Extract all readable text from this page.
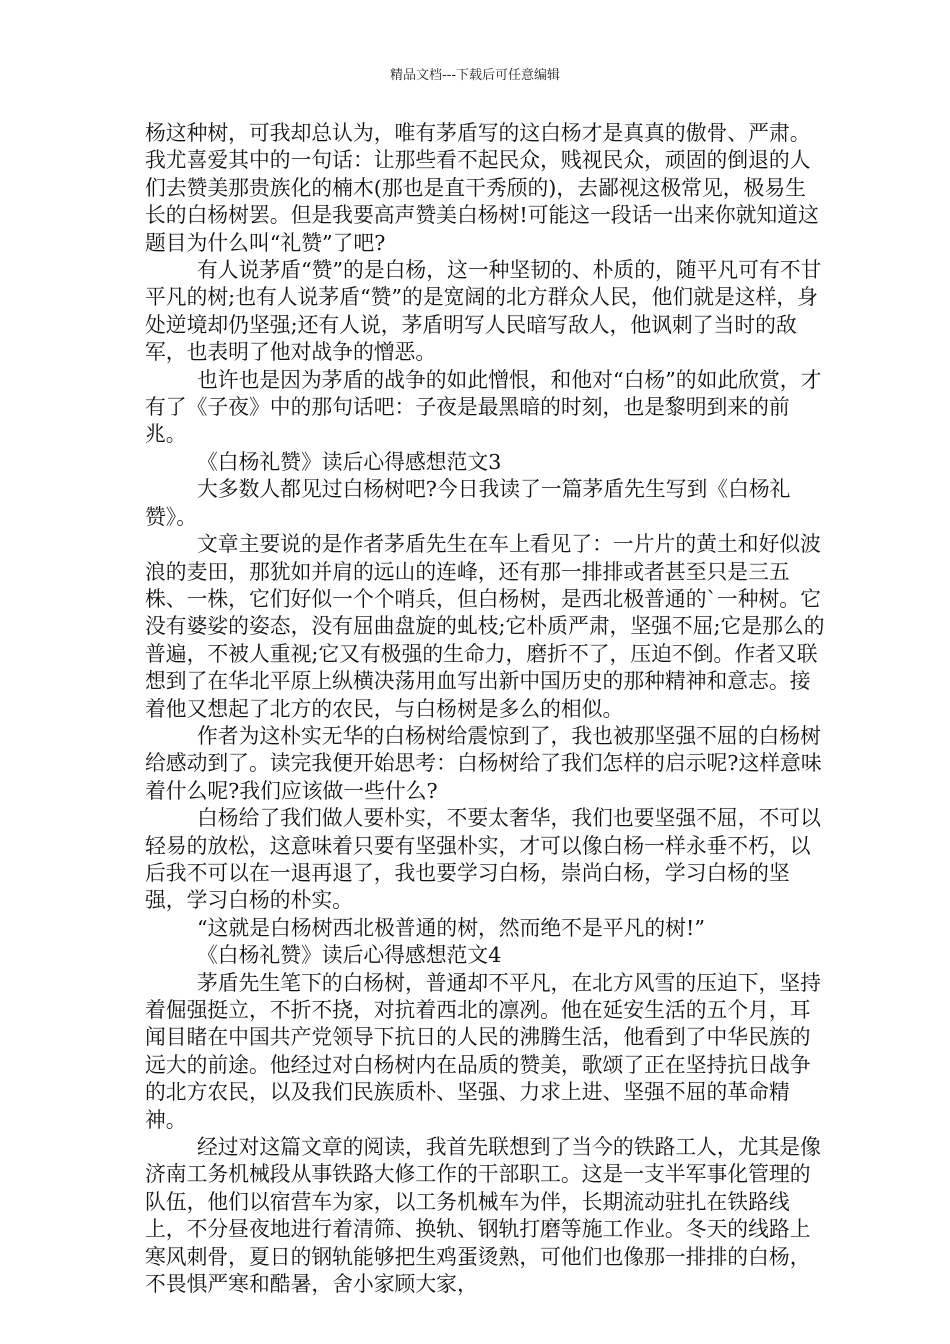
精品文档---下载后可任意编辑

杨这种树，可我却总认为，唯有茅盾写的这白杨才是真真的傲骨、严肃。我尤喜爱其中的一句话：让那些看不起民众，贱视民众，顽固的倒退的人们去赞美那贵族化的楠木(那也是直干秀颀的)，去鄙视这极常见，极易生长的白杨树罢。但是我要高声赞美白杨树!可能这一段话一出来你就知道这题目为什么叫“礼赞”了吧?

有人说茅盾“赞”的是白杨，这一种坚韧的、朴质的，随平凡可有不甘平凡的树;也有人说茅盾“赞”的是宽阔的北方群众人民，他们就是这样，身处逆境却仍坚强;还有人说，茅盾明写人民暗写敌人，他讽刺了当时的敌军，也表明了他对战争的憎恶。

也许也是因为茅盾的战争的如此憎恨，和他对“白杨”的如此欣赏，才有了《子夜》中的那句话吧：子夜是最黑暗的时刻，也是黎明到来的前兆。

《白杨礼赞》读后心得感想范文3

大多数人都见过白杨树吧?今日我读了一篇茅盾先生写到《白杨礼赞》。

文章主要说的是作者茅盾先生在车上看见了：一片片的黄土和好似波浪的麦田，那犹如并肩的远山的连峰，还有那一排排或者甚至只是三五株、一株，它们好似一个个哨兵，但白杨树，是西北极普通的`一种树。它没有婆娑的姿态，没有屈曲盘旋的虬枝;它朴质严肃，坚强不屈;它是那么的普遍，不被人重视;它又有极强的生命力，磨折不了，压迫不倒。作者又联想到了在华北平原上纵横决荡用血写出新中国历史的那种精神和意志。接着他又想起了北方的农民，与白杨树是多么的相似。

作者为这朴实无华的白杨树给震惊到了，我也被那坚强不屈的白杨树给感动到了。读完我便开始思考：白杨树给了我们怎样的启示呢?这样意味着什么呢?我们应该做一些什么?

白杨给了我们做人要朴实，不要太奢华，我们也要坚强不屈，不可以轻易的放松，这意味着只要有坚强朴实，才可以像白杨一样永垂不朽，以后我不可以在一退再退了，我也要学习白杨，崇尚白杨，学习白杨的坚强，学习白杨的朴实。

“这就是白杨树西北极普通的树，然而绝不是平凡的树!”

《白杨礼赞》读后心得感想范文4

茅盾先生笔下的白杨树，普通却不平凡，在北方风雪的压迫下，坚持着倔强挺立，不折不挠，对抗着西北的凛冽。他在延安生活的五个月，耳闻目睹在中国共产党领导下抗日的人民的沸腾生活，他看到了中华民族的远大的前途。他经过对白杨树内在品质的赞美，歌颂了正在坚持抗日战争的北方农民，以及我们民族质朴、坚强、力求上进、坚强不屈的革命精神。

经过对这篇文章的阅读，我首先联想到了当今的铁路工人，尤其是像济南工务机械段从事铁路大修工作的干部职工。这是一支半军事化管理的队伍，他们以宿营车为家，以工务机械车为伴，长期流动驻扎在铁路线上，不分昼夜地进行着清筛、换轨、钢轨打磨等施工作业。冬天的线路上寒风刺骨，夏日的钢轨能够把生鸡蛋烫熟，可他们也像那一排排的白杨，不畏惧严寒和酷暑，舍小家顾大家，
